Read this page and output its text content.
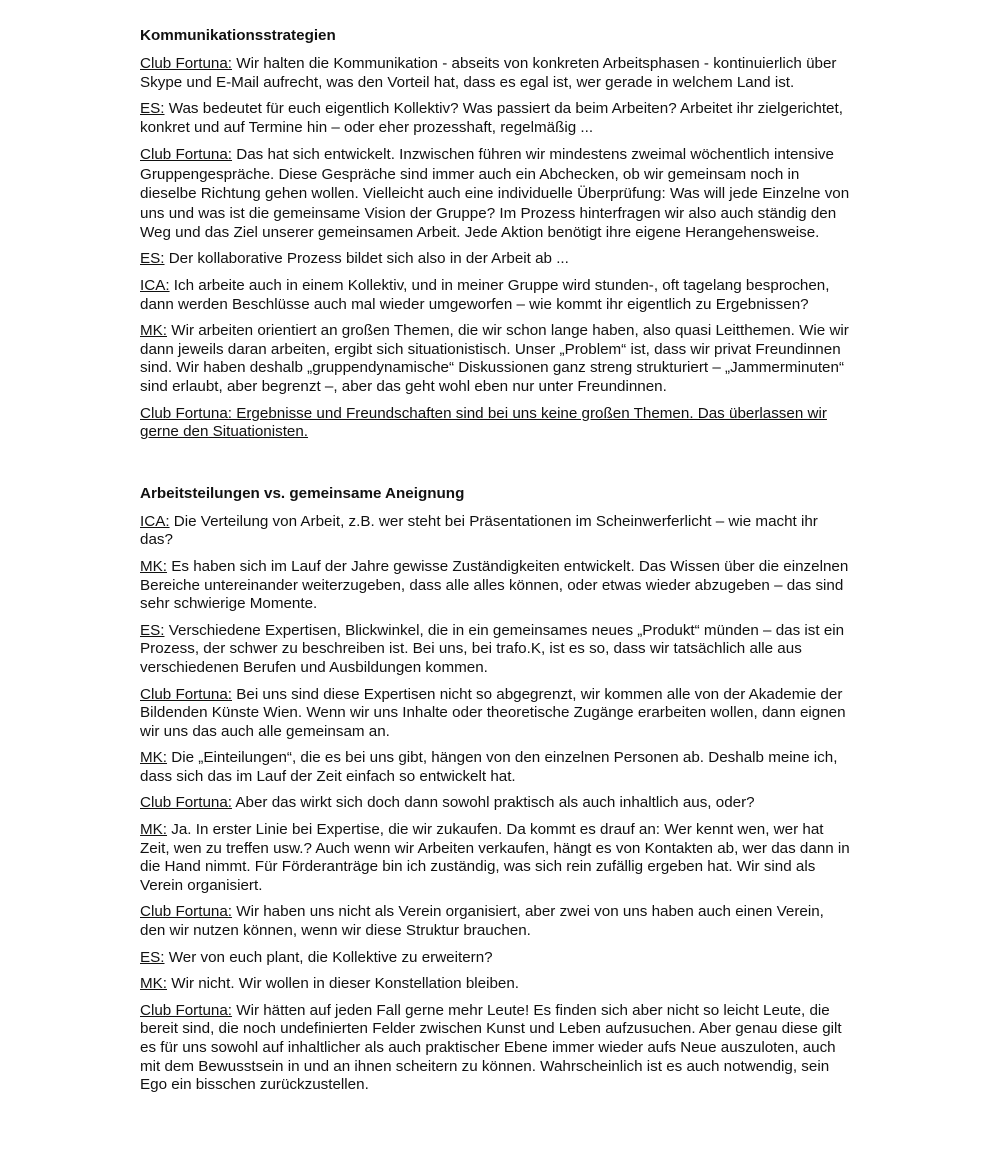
Kommunikationsstrategien

Club Fortuna: Wir halten die Kommunikation - abseits von konkreten Arbeitsphasen - kontinuierlich über Skype und E-Mail aufrecht, was den Vorteil hat, dass es egal ist, wer gerade in welchem Land ist.

ES: Was bedeutet für euch eigentlich Kollektiv? Was passiert da beim Arbeiten? Arbeitet ihr zielgerichtet, konkret und auf Termine hin – oder eher prozesshaft, regelmäßig ...

Club Fortuna: Das hat sich entwickelt. Inzwischen führen wir mindestens zweimal wöchentlich intensive Gruppengespräche. Diese Gespräche sind immer auch ein Abchecken, ob wir gemeinsam noch in dieselbe Richtung gehen wollen. Vielleicht auch eine individuelle Überprüfung: Was will jede Einzelne von uns und was ist die gemeinsame Vision der Gruppe? Im Prozess hinterfragen wir also auch ständig den Weg und das Ziel unserer gemeinsamen Arbeit. Jede Aktion benötigt ihre eigene Herangehensweise.

ES: Der kollaborative Prozess bildet sich also in der Arbeit ab ...

ICA: Ich arbeite auch in einem Kollektiv, und in meiner Gruppe wird stunden-, oft tagelang besprochen, dann werden Beschlüsse auch mal wieder umgeworfen – wie kommt ihr eigentlich zu Ergebnissen?

MK: Wir arbeiten orientiert an großen Themen, die wir schon lange haben, also quasi Leitthemen. Wie wir dann jeweils daran arbeiten, ergibt sich situationistisch. Unser „Problem“ ist, dass wir privat Freundinnen sind. Wir haben deshalb „gruppendynamische“ Diskussionen ganz streng strukturiert – „Jammerminuten“ sind erlaubt, aber begrenzt –, aber das geht wohl eben nur unter Freundinnen.

Club Fortuna: Ergebnisse und Freundschaften sind bei uns keine großen Themen. Das überlassen wir gerne den Situationisten.

Arbeitsteilungen vs. gemeinsame Aneignung

ICA: Die Verteilung von Arbeit, z.B. wer steht bei Präsentationen im Scheinwerferlicht – wie macht ihr das?

MK: Es haben sich im Lauf der Jahre gewisse Zuständigkeiten entwickelt. Das Wissen über die einzelnen Bereiche untereinander weiterzugeben, dass alle alles können, oder etwas wieder abzugeben – das sind sehr schwierige Momente.

ES: Verschiedene Expertisen, Blickwinkel, die in ein gemeinsames neues „Produkt“ münden – das ist ein Prozess, der schwer zu beschreiben ist. Bei uns, bei trafo.K, ist es so, dass wir tatsächlich alle aus verschiedenen Berufen und Ausbildungen kommen.

Club Fortuna: Bei uns sind diese Expertisen nicht so abgegrenzt, wir kommen alle von der Akademie der Bildenden Künste Wien. Wenn wir uns Inhalte oder theoretische Zugänge erarbeiten wollen, dann eignen wir uns das auch alle gemeinsam an.

MK: Die „Einteilungen“, die es bei uns gibt, hängen von den einzelnen Personen ab. Deshalb meine ich, dass sich das im Lauf der Zeit einfach so entwickelt hat.

Club Fortuna: Aber das wirkt sich doch dann sowohl praktisch als auch inhaltlich aus, oder?

MK: Ja. In erster Linie bei Expertise, die wir zukaufen. Da kommt es drauf an: Wer kennt wen, wer hat Zeit, wen zu treffen usw.? Auch wenn wir Arbeiten verkaufen, hängt es von Kontakten ab, wer das dann in die Hand nimmt. Für Förderanträge bin ich zuständig, was sich rein zufällig ergeben hat. Wir sind als Verein organisiert.

Club Fortuna: Wir haben uns nicht als Verein organisiert, aber zwei von uns haben auch einen Verein, den wir nutzen können, wenn wir diese Struktur brauchen.

ES: Wer von euch plant, die Kollektive zu erweitern?

MK: Wir nicht. Wir wollen in dieser Konstellation bleiben.

Club Fortuna: Wir hätten auf jeden Fall gerne mehr Leute! Es finden sich aber nicht so leicht Leute, die bereit sind, die noch undefinierten Felder zwischen Kunst und Leben aufzusuchen. Aber genau diese gilt es für uns sowohl auf inhaltlicher als auch praktischer Ebene immer wieder aufs Neue auszuloten, auch mit dem Bewusstsein in und an ihnen scheitern zu können. Wahrscheinlich ist es auch notwendig, sein Ego ein bisschen zurückzustellen.
